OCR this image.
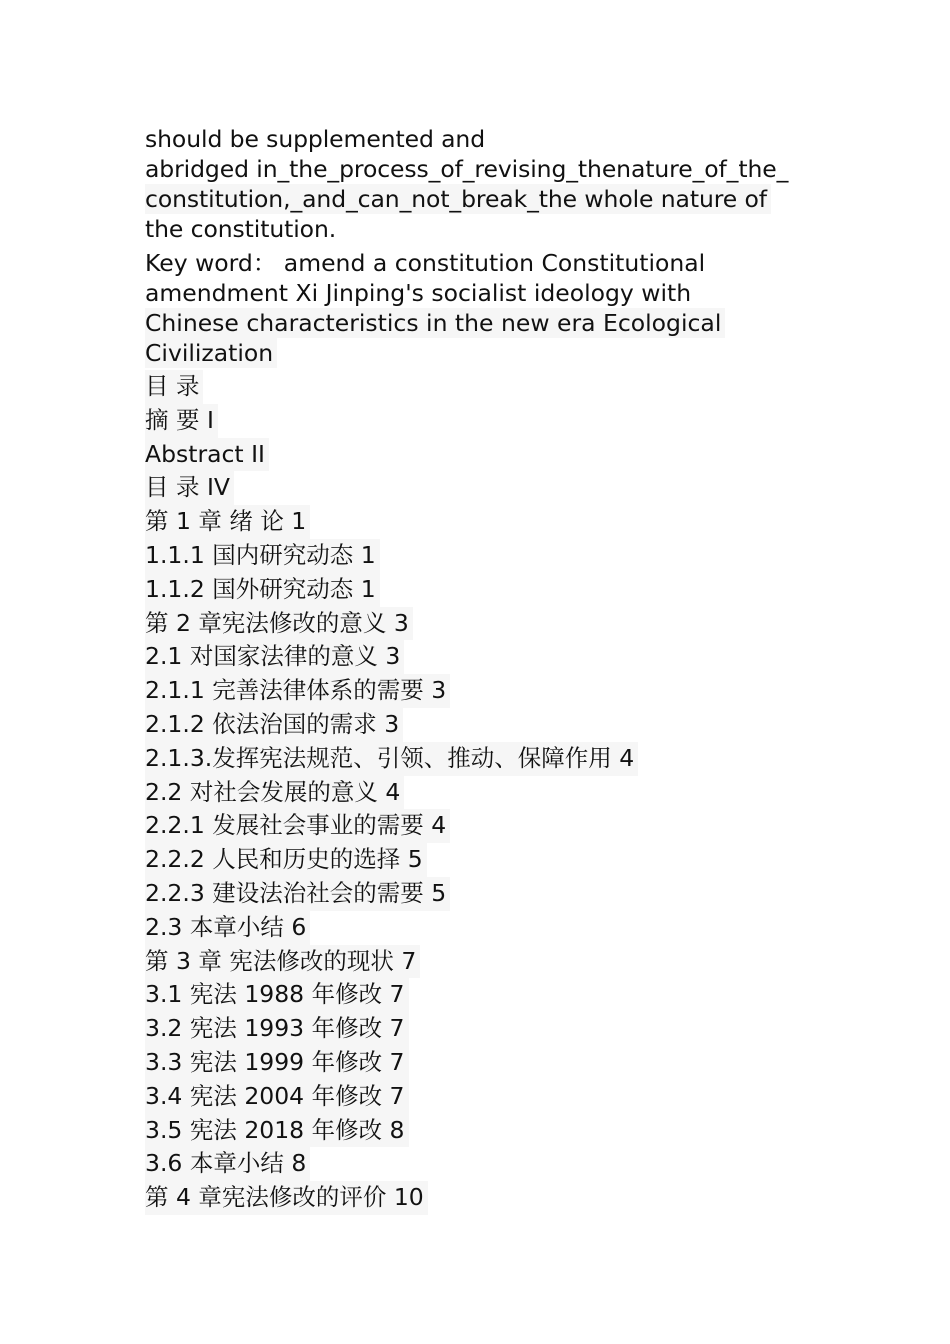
should be supplemented and
abridged in_the_process_of_revising_thenature_of_the_
constitution,_and_can_not_break_the whole nature of
the constitution.
Key word： amend a constitution Constitutional
amendment Xi Jinping's socialist ideology with
Chinese characteristics in the new era Ecological
Civilization
目 录
摘 要 I
Abstract II
目 录 IV
第 1 章 绪 论 1
1.1.1 国内研究动态 1
1.1.2 国外研究动态 1
第 2 章宪法修改的意义 3
2.1 对国家法律的意义 3
2.1.1 完善法律体系的需要 3
2.1.2 依法治国的需求 3
2.1.3.发挥宪法规范、引领、推动、保障作用 4
2.2 对社会发展的意义 4
2.2.1 发展社会事业的需要 4
2.2.2 人民和历史的选择 5
2.2.3 建设法治社会的需要 5
2.3 本章小结 6
第 3 章 宪法修改的现状 7
3.1 宪法 1988 年修改 7
3.2 宪法 1993 年修改 7
3.3 宪法 1999 年修改 7
3.4 宪法 2004 年修改 7
3.5 宪法 2018 年修改 8
3.6 本章小结 8
第 4 章宪法修改的评价 10
